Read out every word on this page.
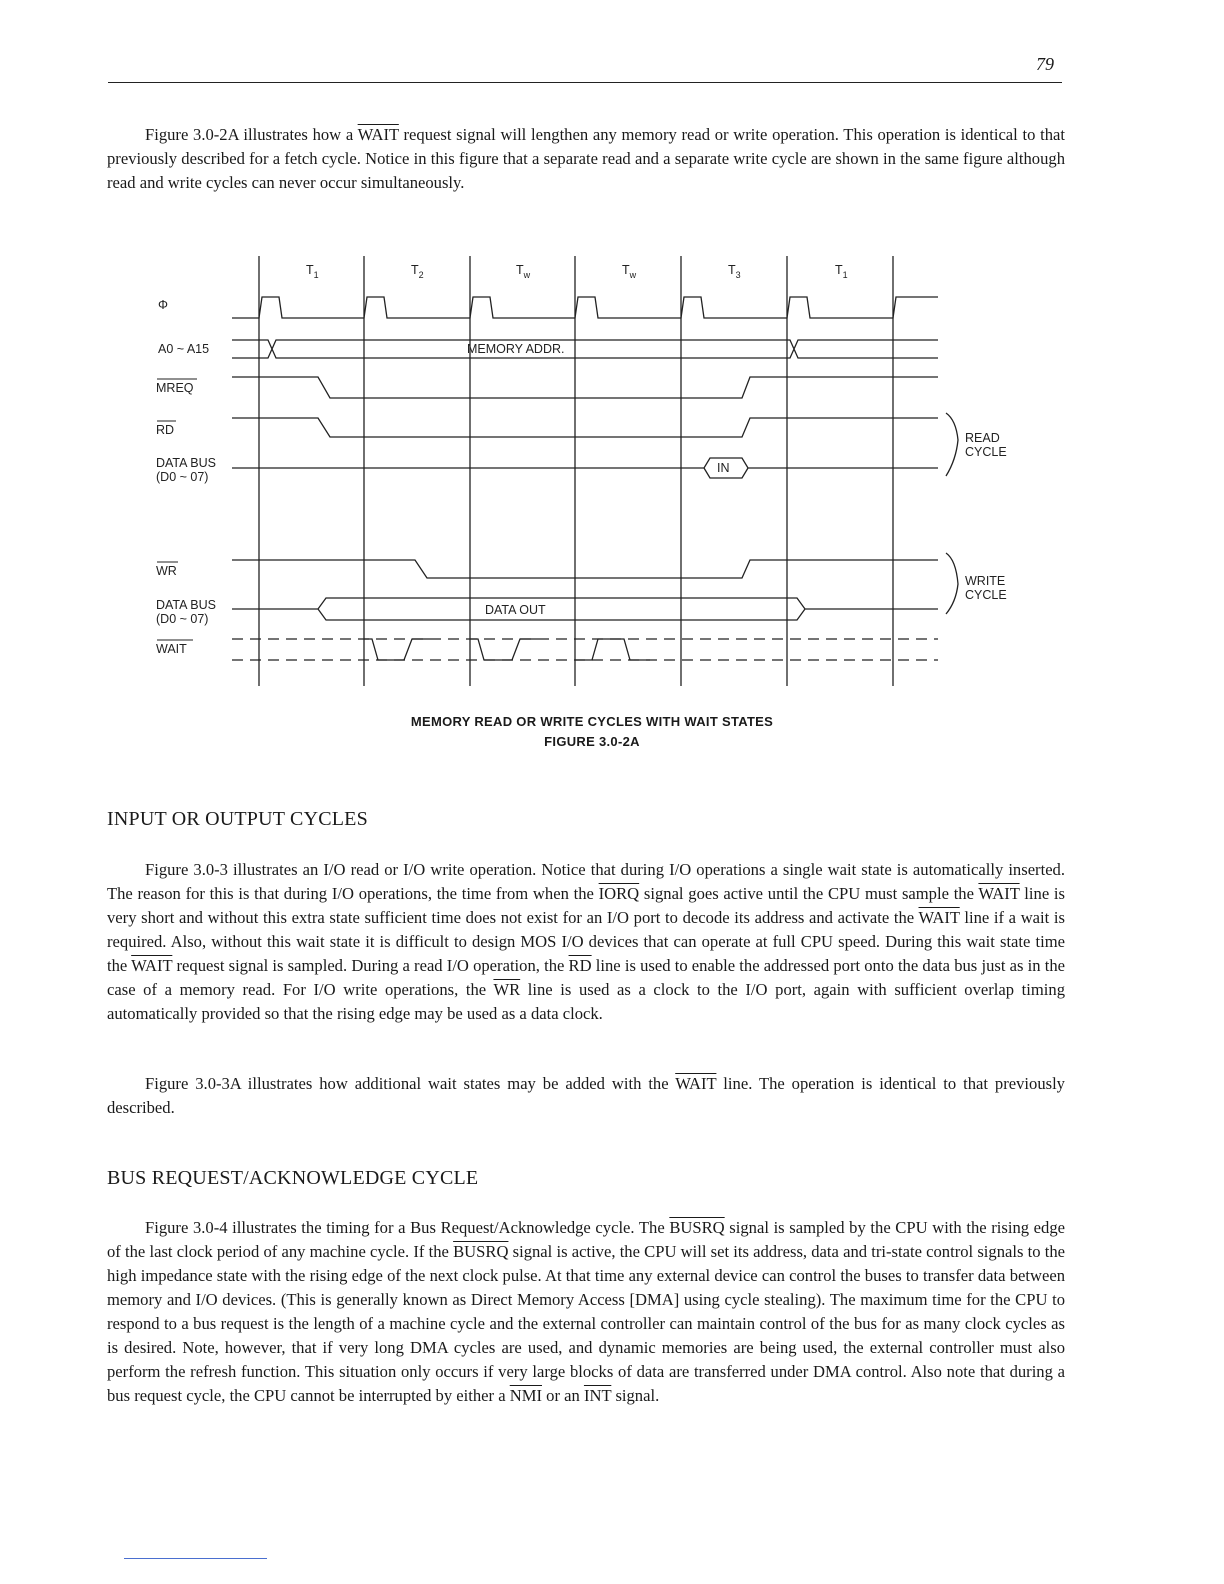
79

Figure 3.0-2A illustrates how a WAIT request signal will lengthen any memory read or write operation. This operation is identical to that previously described for a fetch cycle. Notice in this figure that a separate read and a separate write cycle are shown in the same figure although read and write cycles can never occur simultaneously.

$T_1$	$T_2$	$T_w$	$T_w$	$T_3$	$T_1$
Φ
A0 ~ A15
MREQ
RD
DATA BUS
(D0 ~ 07)
WR
DATA BUS
(D0 ~ 07)
WAIT
MEMORY ADDR.
IN
DATA OUT
READ
CYCLE
WRITE
CYCLE
MEMORY READ OR WRITE CYCLES WITH WAIT STATES
FIGURE 3.0-2A
INPUT OR OUTPUT CYCLES

Figure 3.0-3 illustrates an I/O read or I/O write operation. Notice that during I/O operations a single wait state is automatically inserted. The reason for this is that during I/O operations, the time from when the IORQ signal goes active until the CPU must sample the WAIT line is very short and without this extra state sufficient time does not exist for an I/O port to decode its address and activate the WAIT line if a wait is required. Also, without this wait state it is difficult to design MOS I/O devices that can operate at full CPU speed. During this wait state time the WAIT request signal is sampled. During a read I/O operation, the $\overline{RD}$ line is used to enable the addressed port onto the data bus just as in the case of a memory read. For I/O write operations, the $\overline{WR}$ line is used as a clock to the I/O port, again with sufficient overlap timing automatically provided so that the rising edge may be used as a data clock.

Figure 3.0-3A illustrates how additional wait states may be added with the WAIT line. The operation is identical to that previously described.

BUS REQUEST/ACKNOWLEDGE CYCLE

Figure 3.0-4 illustrates the timing for a Bus Request/Acknowledge cycle. The BUSRQ signal is sampled by the CPU with the rising edge of the last clock period of any machine cycle. If the BUSRQ signal is active, the CPU will set its address, data and tri-state control signals to the high impedance state with the rising edge of the next clock pulse. At that time any external device can control the buses to transfer data between memory and I/O devices. (This is generally known as Direct Memory Access [DMA] using cycle stealing). The maximum time for the CPU to respond to a bus request is the length of a machine cycle and the external controller can maintain control of the bus for as many clock cycles as is desired. Note, however, that if very long DMA cycles are used, and dynamic memories are being used, the external controller must also perform the refresh function. This situation only occurs if very large blocks of data are transferred under DMA control. Also note that during a bus request cycle, the CPU cannot be interrupted by either a $\overline{NMI}$ or an $\overline{INT}$ signal.
